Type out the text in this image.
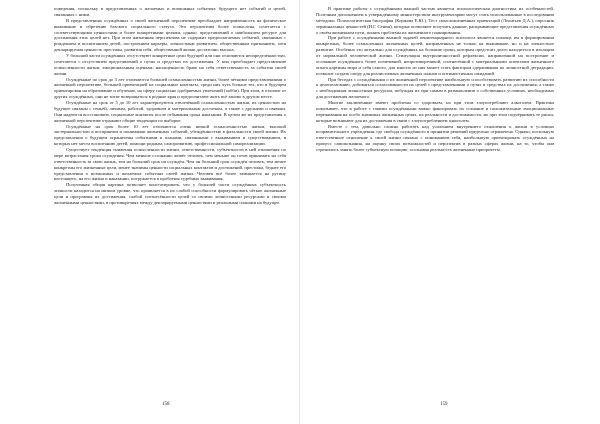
поведения, поскольку в представлениях о желаемых и возможных событиях будущего нет событий и целей, связанных с ними.

В представлениях осуждённых о своей жизненной перспективе преобладает направленность на физическое выживание и обретение базового социального статуса. Эта перспектива более осмыслена, сочетается с соответствующими ценностями и более конкретными целями, однако, представлений о наибольшем ресурсе для достижения этих целей нет. При этом жизненная перспектива не содержит предполагаемых событий, связанных с рождением и воспитанием детей, построением карьеры, личностным развитием, общественным признанием, хотя декларируемая ценность престижа, развития себя, общественной жизни достаточно высока.

У больший части осуждённых отсутствуют конкретные цели будущей или они отличаются неопределённостью, сочетаются с отсутствием представлений о путях и средствах их достижения. У них преобладает представление осмысленности жизни, эмоциональным оценкам, насыщенность браке на себя ответственность за события своей жизни.

Осуждённые по срок до 3 лет отличаются большей осмысленностью жизни, более чёткими представлениями о жизненной перспективе, большей ориентацией на социальные контакты, среди них чуть больше тех, кто в будущем ориентирован на образование и обучение, на сферу социально одобряемых увлечений (хобби). При этом, в отличие от других осуждённых, они не хотят возвращаться в родные края и предпочитают жить всё заново в другом месте.

Осуждённые на срок от 5 до 10 лет характеризуются отвлечённой осмысленностью жизни, их ценностью на будущее связаны с семьёй, личным, работой, здоровьем и материальным достатком, а также с друзьями и связями. Они надеются восстановить социальные контакты после отбывания срока наказания. В целом же их представления о жизненной перспективе отражают общие тенденции по выборке.

Осуждённые на срок более 10 лет отличаются очень низкой осмысленностью жизни, высокой экстернальностью в восприятии и понимании жизненных событий, убеждённостью в фатальности своей жизни. Их представления о будущем ограничены событиями и планами, связанными с выживанием и существованием, в которых нет места воспитанию детей, помощи родным, саморазвитию, профессиональной самореализации.

Существует тенденция снижения осмысленности жизни, ответственности, субъектности в ней отношения по мере возрастания срока осуждения. Чем меньше осознанно живёт человек, чем меньше он готов принимать на себя ответственность за свою жизнь, тем на больший срок он осуждён. Чем он больший срок осуждён человек, тем менее конкретны его жизненные цели, менее значимы ценности социальных контактов и достижений, престижа, беднее его представления о возможных и желаемых событиях своей жизни. Человек всё более замыкается на рутину настоящего, на его жизни и наказании, погружается в проблемы судебных выживания.

Полученная общая картина позволяет констатировать, что у большей части осуждённых субъектность личности находится на низком уровне, что проявляется в их слабой способности формулировать чёткие жизненные цели и программы их достижения, слабой соотнесённости целей со своими личностными ресурсами и своими жизненными ценностями, в противоречиях между декларируемыми ценностями и реальными планами на будущее.

158

В практике работы с осуждёнными важной частью является психологическая диагностика их особенностей. Полезным дополнением к утверждённому министерством инструментарию могут стать использованные в исследовании методики. Психологическая биография (Коржова Е.Ю.), Тест смысложизненных ориентаций (Леонтьев Д.А.), опросник терминальных ценностей (И.Г. Сенин), которые позволяют получить данные, раскрывающие представления осуждённых о своём жизненном пути, понять проблемы их жизненного планирования.

При работе с осуждёнными важной задачей пенитенциарного психолога является помощь им в формировании конкретных, более осмысленных жизненных целей, направленных не только на выживание, но и на личностное развитие. Особенно это актуально для осуждённых на большие сроки, которым предстоит долго находиться в изоляции от нормальной человеческой жизни. Стимуляция внутриличностной рефлексии, направленной на построение и осознание осуждённого более позитивной, непротиворечивой, соотнесённой с материальными аспектами жизненного опыта картины мира и себя самого, для многих из них может стать фактором сдерживания их личностной деградации, позволит создать опору для реалистичных жизненных планов и оптимистичных ожиданий.

При беседах с осуждёнными о их жизненной перспективе наибольшую способствовать развитию их способности к целеполаганию, добиваться согласованности их целей с представлениями о путях и средствах их достижения, а также с необходимым личностным ресурсом, побуждая их при самым в размышлении о собственных условиях, необходимых для достижения желаемого.

Многие заключённые имеют проблемы со здоровьем, но при этом злоупотребляют алкоголем. Практика показывает, что в работе с такими осуждёнными важно фиксировать их сознание и положительные эмоциональные переживания на особо значимых жизненных целях, их реальности и достижимости, но при этом подчёркивать те риски, которые возникают для их достижения в связи с злоупотреблением алкоголем.

Вместе с тем, довольно сложно работать над усилением внутреннего отношения к жизни в условиях исправительного учреждения, где свобода осуждённого в принятии решений предельно ограничена. Однако, посильную ответственное отношение к своей жизни связано с пониманием себя, наибольшую ориентировать осуждённых на процесс самопознания, на оценку своих возможностей и перспектив в разных сферах жизни, на то, чтобы они стремились занять более субъектную позицию, осознавая реальность жизненные приоритеты.

159
